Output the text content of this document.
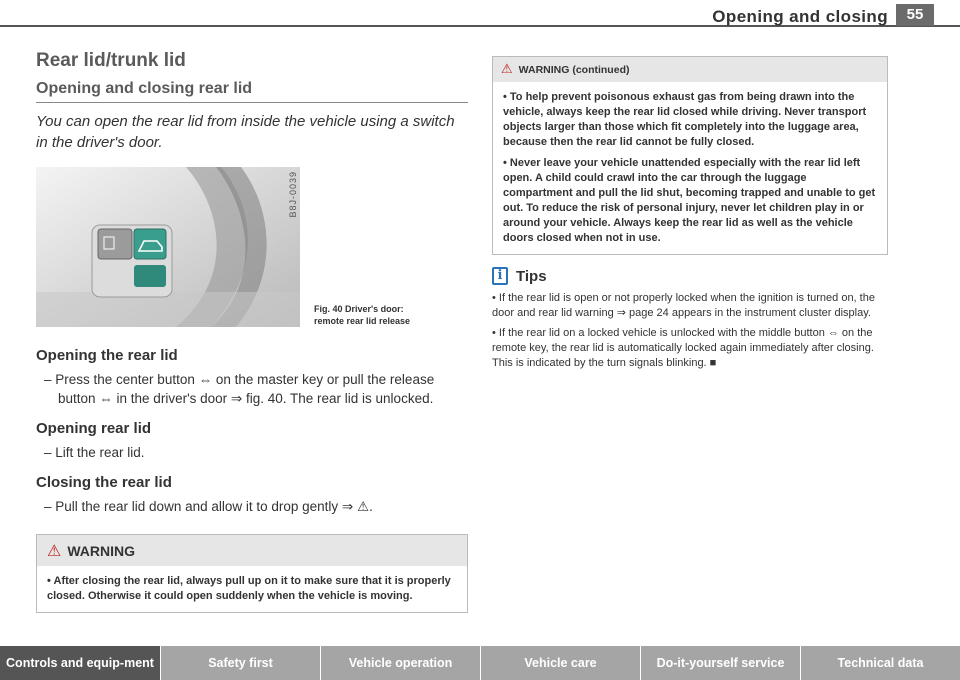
Opening and closing	55
Rear lid/trunk lid
Opening and closing rear lid

You can open the rear lid from inside the vehicle using a switch in the driver's door.

B8J-0039
Fig. 40 Driver's door:
remote rear lid release
Opening the rear lid

– Press the center button ⇔ on the master key or pull the release button ⇔ in the driver's door ⇒ fig. 40. The rear lid is unlocked.

Opening rear lid

– Lift the rear lid.

Closing the rear lid

– Pull the rear lid down and allow it to drop gently ⇒ ⚠.

⚠ WARNING
• After closing the rear lid, always pull up on it to make sure that it is properly closed. Otherwise it could open suddenly when the vehicle is moving.
⚠ WARNING (continued)

• To help prevent poisonous exhaust gas from being drawn into the vehicle, always keep the rear lid closed while driving. Never transport objects larger than those which fit completely into the luggage area, because then the rear lid cannot be fully closed.

• Never leave your vehicle unattended especially with the rear lid left open. A child could crawl into the car through the luggage compartment and pull the lid shut, becoming trapped and unable to get out. To reduce the risk of personal injury, never let children play in or around your vehicle. Always keep the rear lid as well as the vehicle doors closed when not in use.

i Tips

• If the rear lid is open or not properly locked when the ignition is turned on, the door and rear lid warning ⇒ page 24 appears in the instrument cluster display.

• If the rear lid on a locked vehicle is unlocked with the middle button ⇔ on the remote key, the rear lid is automatically locked again immediately after closing. This is indicated by the turn signals blinking. ■

Controls and equip-ment	Safety first	Vehicle operation	Vehicle care	Do-it-yourself service	Technical data
